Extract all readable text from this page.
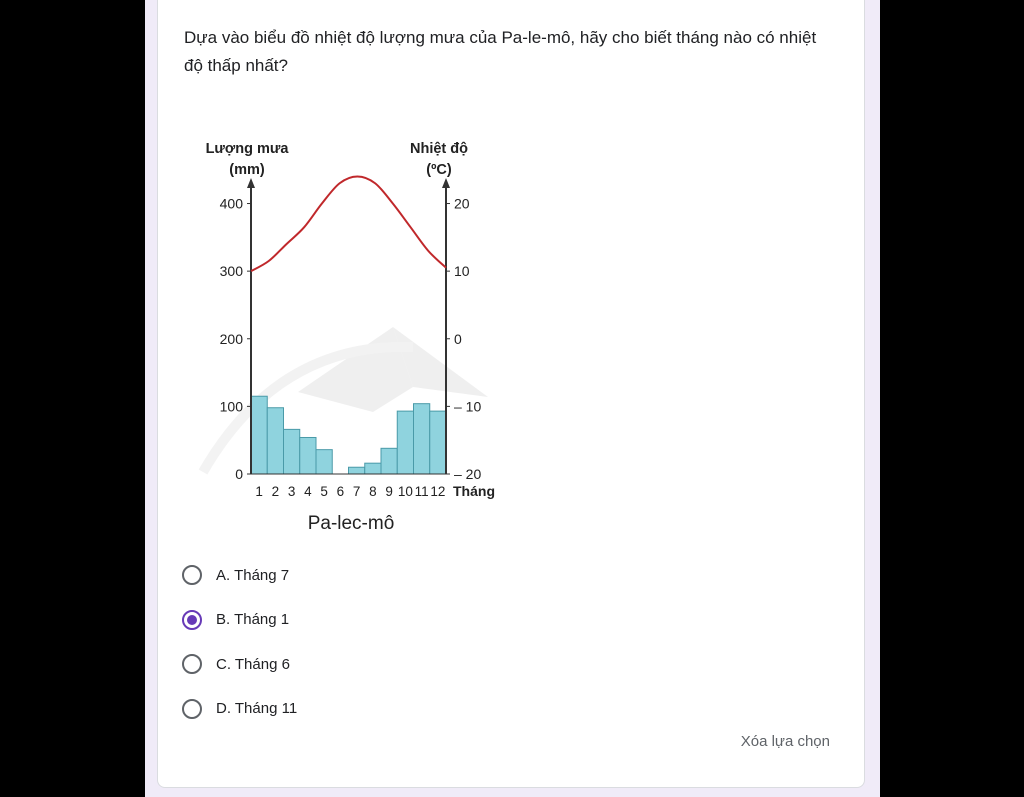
Dựa vào biểu đồ nhiệt độ lượng mưa của Pa-le-mô, hãy cho biết tháng nào có nhiệt độ thấp nhất?
0
100
200
300
400
– 20
– 10
0
10
20
1 2 3 4 5 6 7 8 9 10 11 12 Tháng
Lượng mưa
(mm)
Nhiệt độ
(ºC)
Pa-lec-mô
A. Tháng 7
B. Tháng 1
C. Tháng 6
D. Tháng 11
Xóa lựa chọn
